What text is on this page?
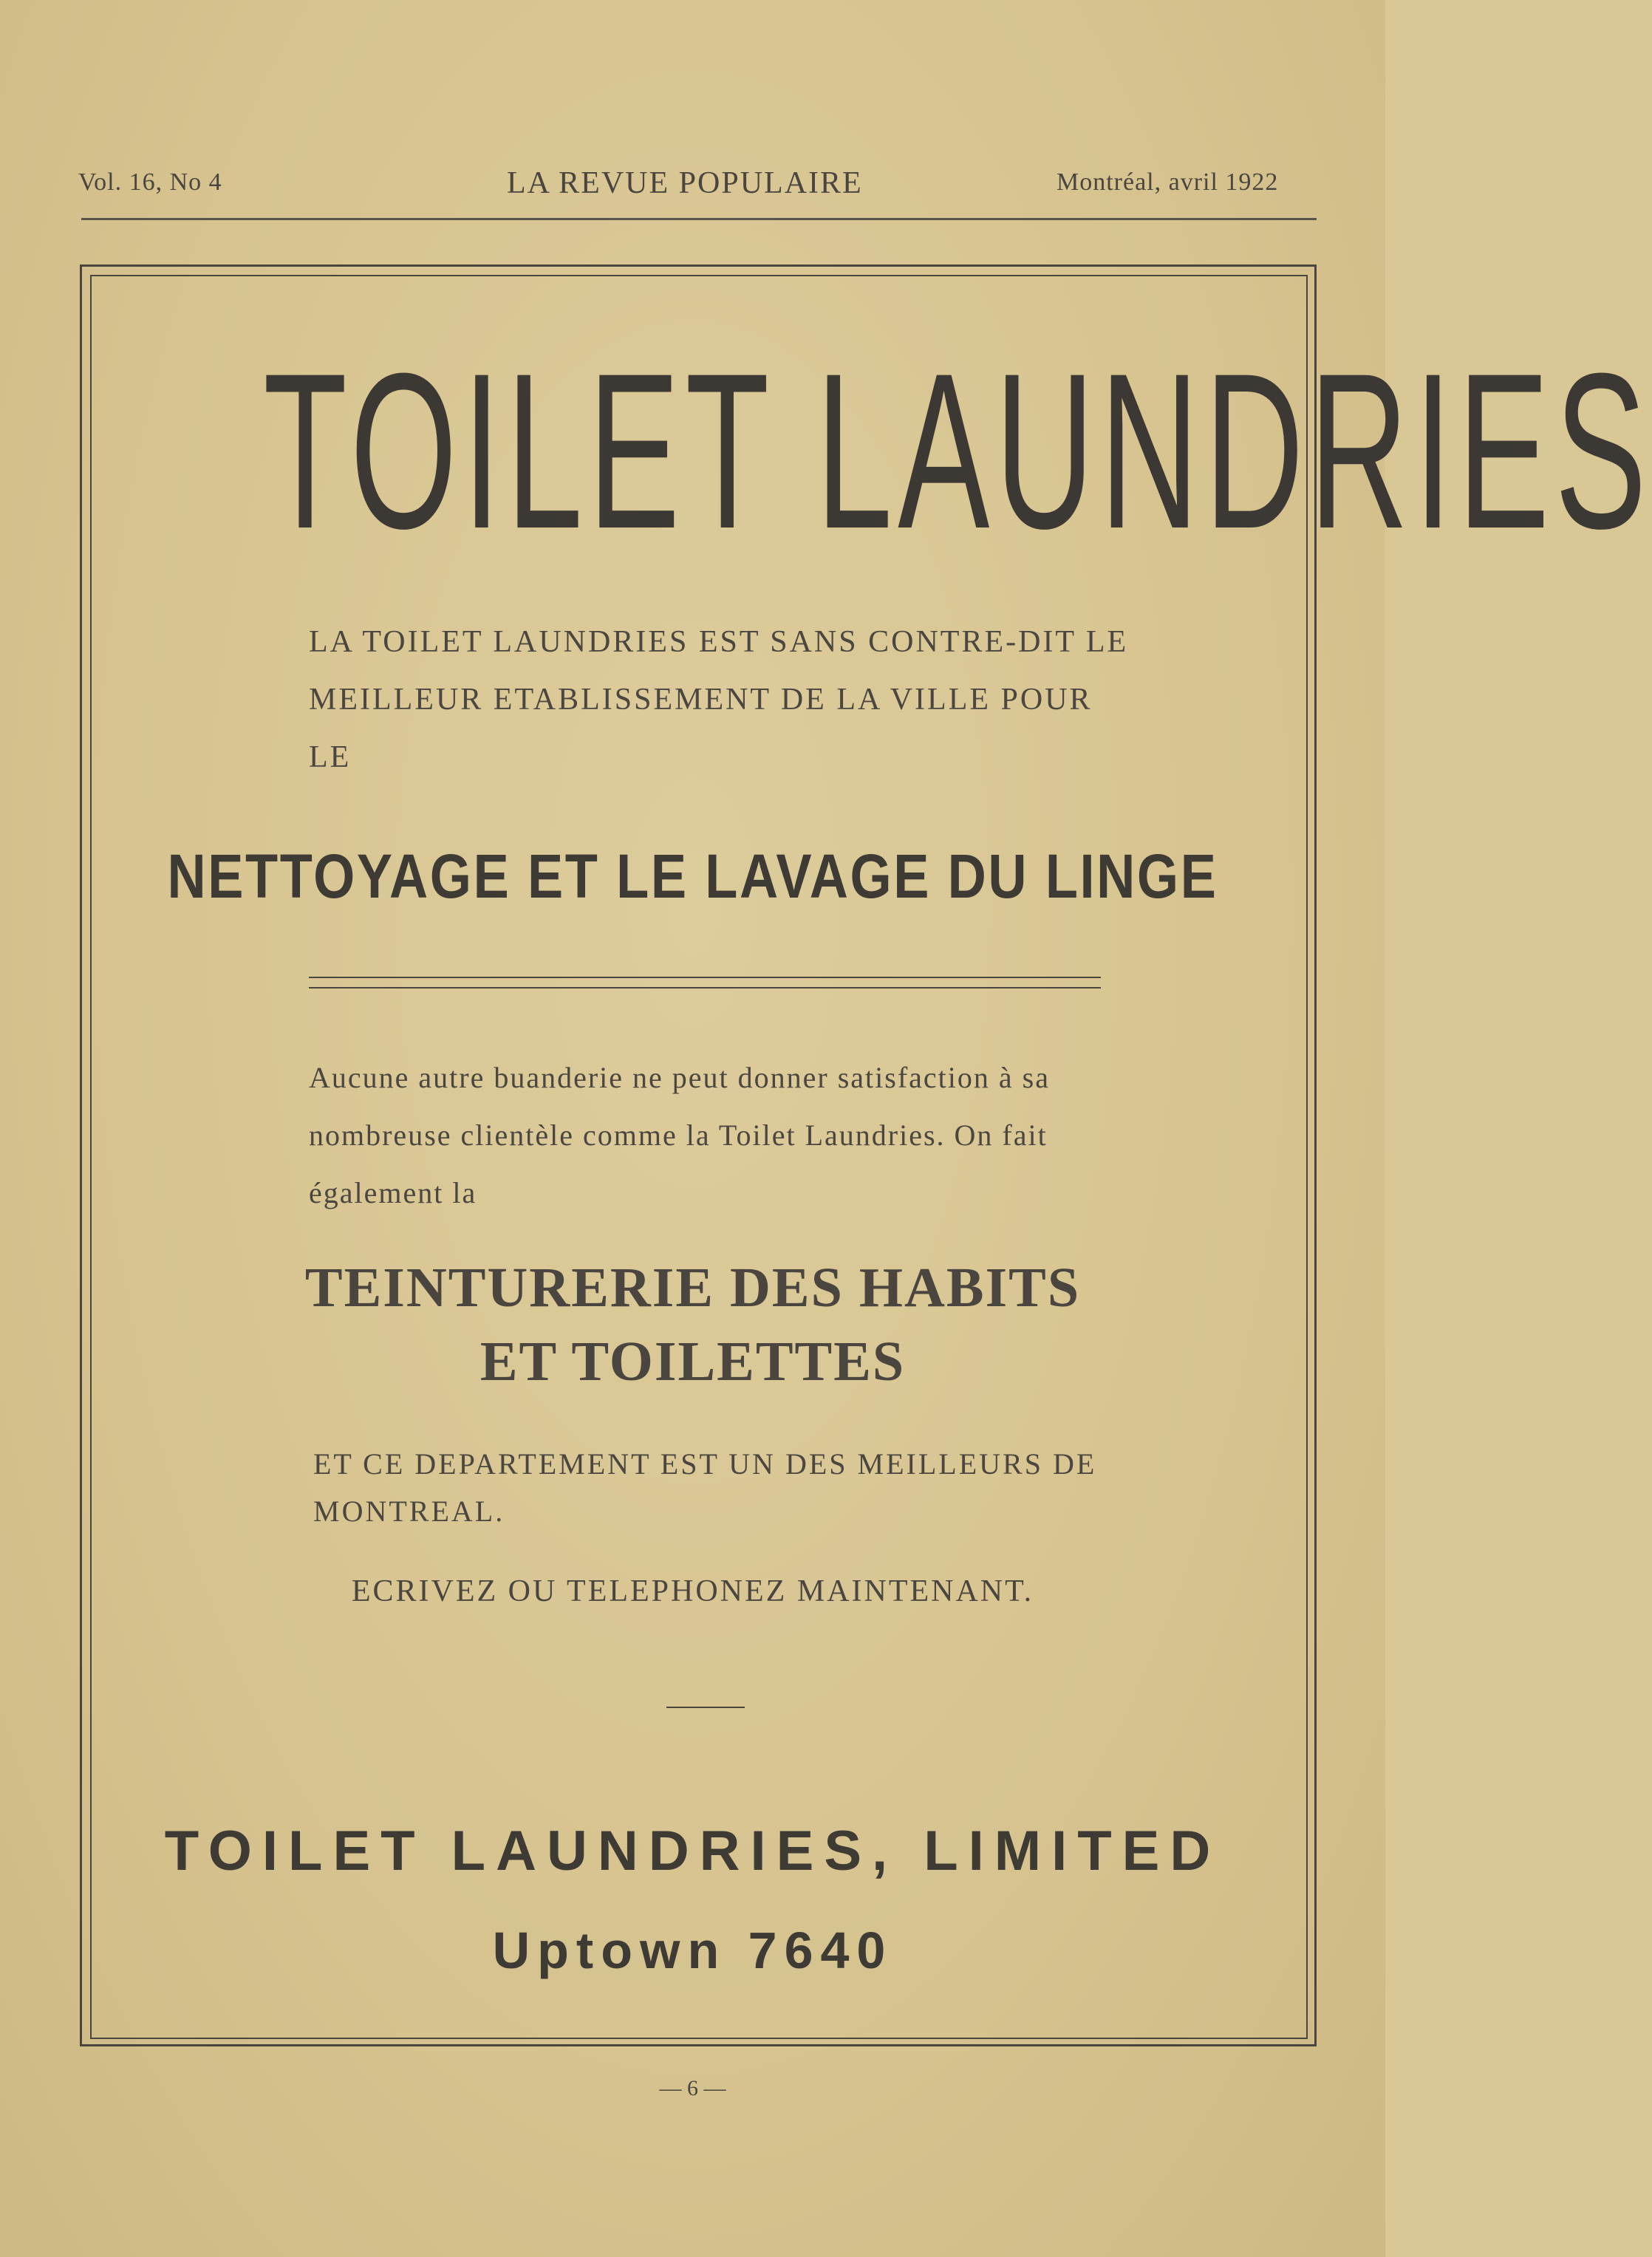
Vol. 16, No 4	LA REVUE POPULAIRE	Montréal, avril 1922
TOILET LAUNDRIES
LA TOILET LAUNDRIES EST SANS CONTRE-DIT LE MEILLEUR ETABLISSEMENT DE LA VILLE POUR LE
NETTOYAGE ET LE LAVAGE DU LINGE
Aucune autre buanderie ne peut donner satisfaction à sa nombreuse clientèle comme la Toilet Laundries. On fait également la
TEINTURERIE DES HABITS
ET TOILETTES
ET CE DEPARTEMENT EST UN DES MEILLEURS DE MONTREAL.
ECRIVEZ OU TELEPHONEZ MAINTENANT.
TOILET LAUNDRIES, LIMITED
Uptown 7640
— 6 —
